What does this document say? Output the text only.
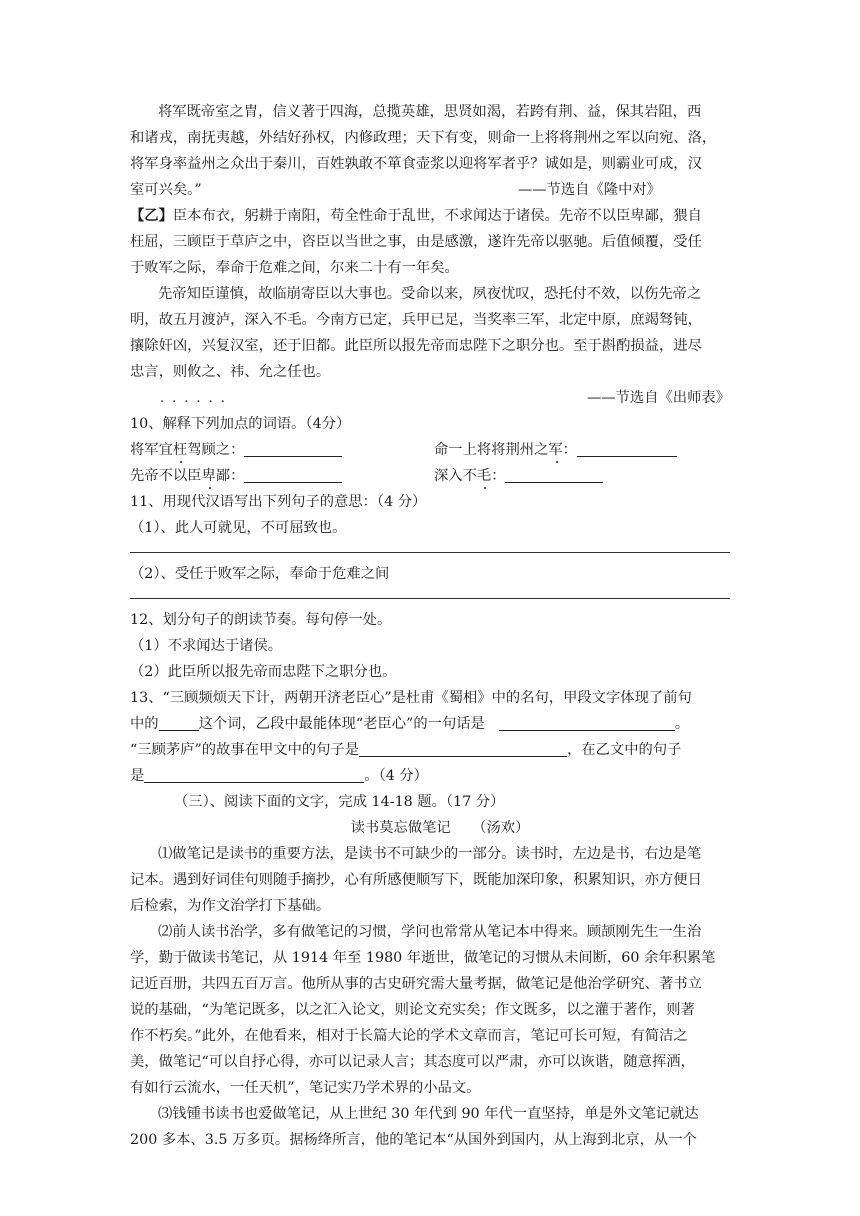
将军既帝室之胄，信义著于四海，总揽英雄，思贤如渴，若跨有荆、益，保其岩阻，西
和诸戎，南抚夷越，外结好孙权，内修政理；天下有变，则命一上将将荆州之军以向宛、洛，
将军身率益州之众出于秦川，百姓孰敢不箪食壶浆以迎将军者乎？诚如是，则霸业可成，汉
室可兴矣。”	——节选自《隆中对》
【乙】臣本布衣，躬耕于南阳，苟全性命于乱世，不求闻达于诸侯。先帝不以臣卑鄙，猥自
枉屈，三顾臣于草庐之中，咨臣以当世之事，由是感激，遂许先帝以驱驰。后值倾覆，受任
于败军之际，奉命于危难之间，尔来二十有一年矣。
先帝知臣谨慎，故临崩寄臣以大事也。受命以来，夙夜忧叹，恐托付不效，以伤先帝之
明，故五月渡泸，深入不毛。今南方已定，兵甲已足，当奖率三军，北定中原，庶竭驽钝，
攘除奸凶，兴复汉室，还于旧都。此臣所以报先帝而忠陛下之职分也。至于斟酌损益，进尽
忠言，则攸之、祎、允之任也。
......	——节选自《出师表》
10、解释下列加点的词语。（4分）
将军宜枉驾顾之：	命一上将将荆州之军：
先帝不以臣卑鄙：	深入不毛：
11、用现代汉语写出下列句子的意思：（4 分）
（1）、此人可就见，不可屈致也。
（2）、受任于败军之际，奉命于危难之间
12、划分句子的朗读节奏。每句停一处。
（1）不求闻达于诸侯。
（2）此臣所以报先帝而忠陛下之职分也。
13、“三顾频烦天下计，两朝开济老臣心”是杜甫《蜀相》中的名句，甲段文字体现了前句
中的	这个词，乙段中最能体现“老臣心”的一句话是	。
“三顾茅庐”的故事在甲文中的句子是	，在乙文中的句子
是	。（4 分）
（三）、阅读下面的文字，完成 14-18 题。（17 分）
读书莫忘做笔记　　（汤欢）
⑴做笔记是读书的重要方法，是读书不可缺少的一部分。读书时，左边是书，右边是笔
记本。遇到好词佳句则随手摘抄，心有所感便顺写下，既能加深印象，积累知识，亦方便日
后检索，为作文治学打下基础。
⑵前人读书治学，多有做笔记的习惯，学问也常常从笔记本中得来。顾颉刚先生一生治
学，勤于做读书笔记，从 1914 年至 1980 年逝世，做笔记的习惯从未间断，60 余年积累笔
记近百册，共四五百万言。他所从事的古史研究需大量考据，做笔记是他治学研究、著书立
说的基础，“为笔记既多，以之汇入论文，则论文充实矣；作文既多，以之灌于著作，则著
作不朽矣。”此外，在他看来，相对于长篇大论的学术文章而言，笔记可长可短，有简洁之
美，做笔记“可以自抒心得，亦可以记录人言；其态度可以严肃，亦可以诙谐，随意挥洒，
有如行云流水，一任天机”，笔记实乃学术界的小品文。
⑶钱锺书读书也爱做笔记，从上世纪 30 年代到 90 年代一直坚持，单是外文笔记就达
200 多本、3.5 万多页。据杨绛所言，他的笔记本“从国外到国内，从上海到北京，从一个
